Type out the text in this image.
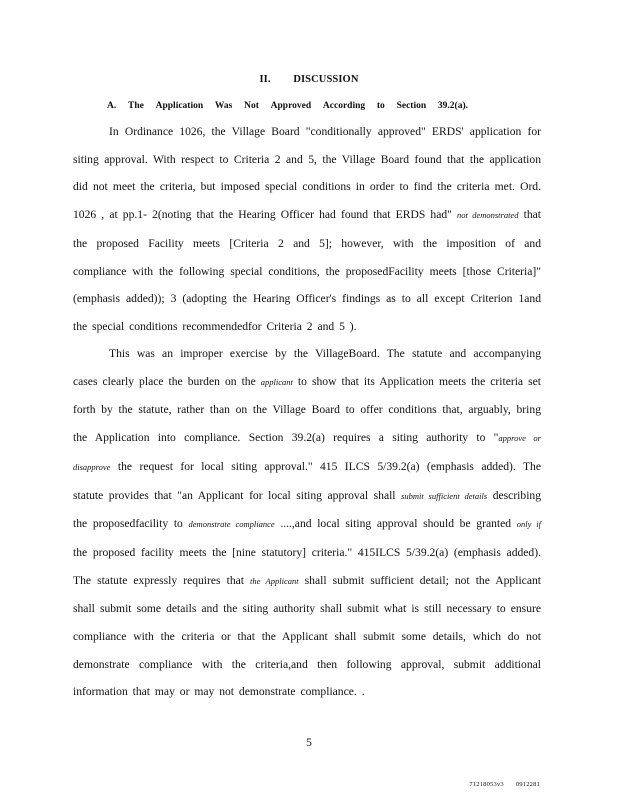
II. DISCUSSION
A. The Application Was Not Approved According to Section 39.2(a).

In Ordinance 1026, the Village Board "conditionally approved" ERDS' application for siting approval. With respect to Criteria 2 and 5, the Village Board found that the application did not meet the criteria, but imposed special conditions in order to find the criteria met. Ord. 1026 , at pp.1- 2(noting that the Hearing Officer had found that ERDS had" not demonstrated that the proposed Facility meets [Criteria 2 and 5]; however, with the imposition of and compliance with the following special conditions, the proposedFacility meets [those Criteria]" (emphasis added)); 3 (adopting the Hearing Officer's findings as to all except Criterion 1and the special conditions recommendedfor Criteria 2 and 5 ).

This was an improper exercise by the VillageBoard. The statute and accompanying cases clearly place the burden on the applicant to show that its Application meets the criteria set forth by the statute, rather than on the Village Board to offer conditions that, arguably, bring the Application into compliance. Section 39.2(a) requires a siting authority to "approve or disapprove the request for local siting approval." 415 ILCS 5/39.2(a) (emphasis added). The statute provides that "an Applicant for local siting approval shall submit sufficient details describing the proposedfacility to demonstrate compliance ....,and local siting approval should be granted only if the proposed facility meets the [nine statutory] criteria." 415ILCS 5/39.2(a) (emphasis added). The statute expressly requires that the Applicant shall submit sufficient detail; not the Applicant shall submit some details and the siting authority shall submit what is still necessary to ensure compliance with the criteria or that the Applicant shall submit some details, which do not demonstrate compliance with the criteria,and then following approval, submit additional information that may or may not demonstrate compliance. .

5
71218053v3 0912281
